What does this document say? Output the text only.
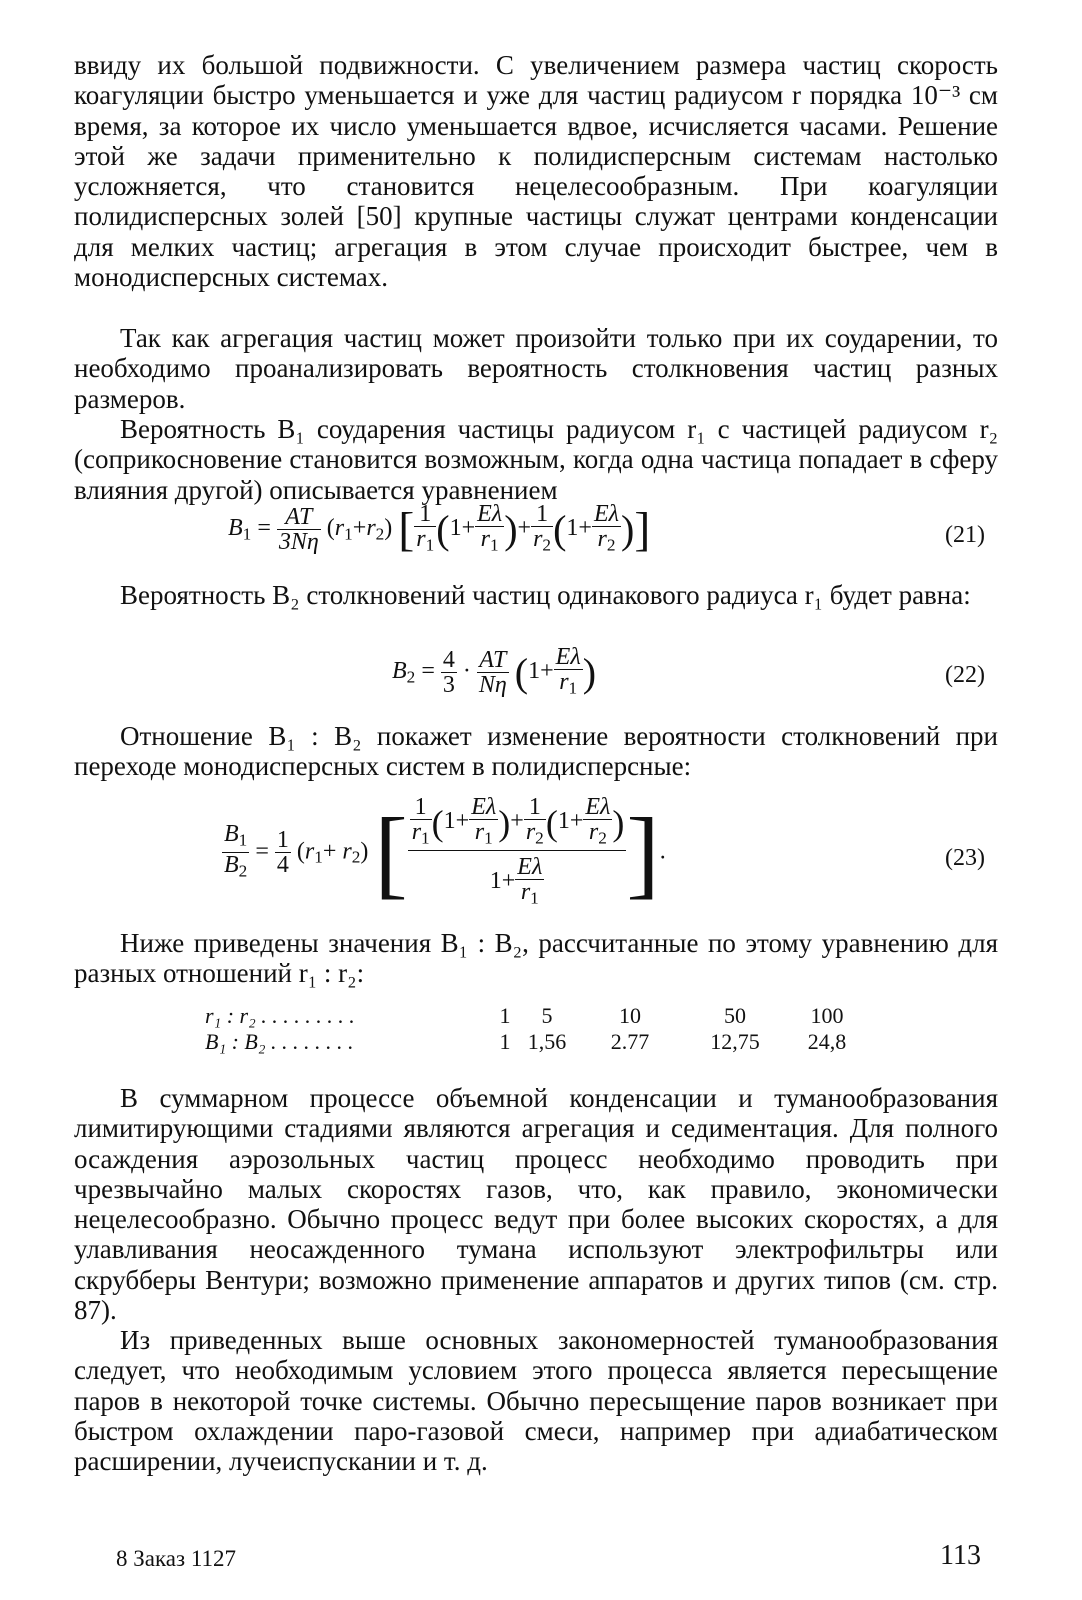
ввиду их большой подвижности. С увеличением размера частиц скорость коагуляции быстро уменьшается и уже для частиц радиусом r порядка 10⁻³ см время, за которое их число уменьшается вдвое, исчисляется часами. Решение этой же задачи применительно к полидисперсным системам настолько усложняется, что становится нецелесообразным. При коагуляции полидисперсных золей [50] крупные частицы служат центрами конденсации для мелких частиц; агрегация в этом случае происходит быстрее, чем в монодисперсных системах.

Так как агрегация частиц может произойти только при их соударении, то необходимо проанализировать вероятность столкновения частиц разных размеров.

Вероятность B₁ соударения частицы радиусом r₁ с частицей радиусом r₂ (соприкосновение становится возможным, когда одна частица попадает в сферу влияния другой) описывается уравнением

$B_1 = \frac{AT}{3N\eta} (r_1+r_2)$ [ $\frac{1}{r_1} (1+ \frac{E\lambda}{r_1}$ )+ $\frac{1}{r_2} (1+ \frac{E\lambda}{r_2}$ )]	(21)

Вероятность B₂ столкновений частиц одинакового радиуса r₁ будет равна:

$B_2 = \frac{4}{3} \cdot \frac{AT}{N\eta} (1+ \frac{E\lambda}{r_1}$ )	(22)

Отношение B₁ : B₂ покажет изменение вероятности столкновений при переходе монодисперсных систем в полидисперсные:

$\frac{B_1}{B_2} = \frac{1}{4} (r_1+ r_2)$ [ $\frac{\frac{1}{r_1} (1+ \frac{E\lambda}{r_1} )+ \frac{1}{r_2} (1+ \frac{E\lambda}{r_2} )}{1+ \frac{E\lambda}{r_1}}$ ].	(23)

Ниже приведены значения B₁ : B₂, рассчитанные по этому уравнению для разных отношений r₁ : r₂:

r₁ : r₂ . . . . . . . . .	1	5	10	50	100
B₁ : B₂ . . . . . . . .	1 1,56	2.77	12,75	24,8

В суммарном процессе объемной конденсации и туманообразования лимитирующими стадиями являются агрегация и седиментация. Для полного осаждения аэрозольных частиц процесс необходимо проводить при чрезвычайно малых скоростях газов, что, как правило, экономически нецелесообразно. Обычно процесс ведут при более высоких скоростях, а для улавливания неосажденного тумана используют электрофильтры или скрубберы Вентури; возможно применение аппаратов и других типов (см. стр. 87).

Из приведенных выше основных закономерностей туманообразования следует, что необходимым условием этого процесса является пересыщение паров в некоторой точке системы. Обычно пересыщение паров возникает при быстром охлаждении паро-газовой смеси, например при адиабатическом расширении, лучеиспускании и т. д.

8 Заказ 1127	113
